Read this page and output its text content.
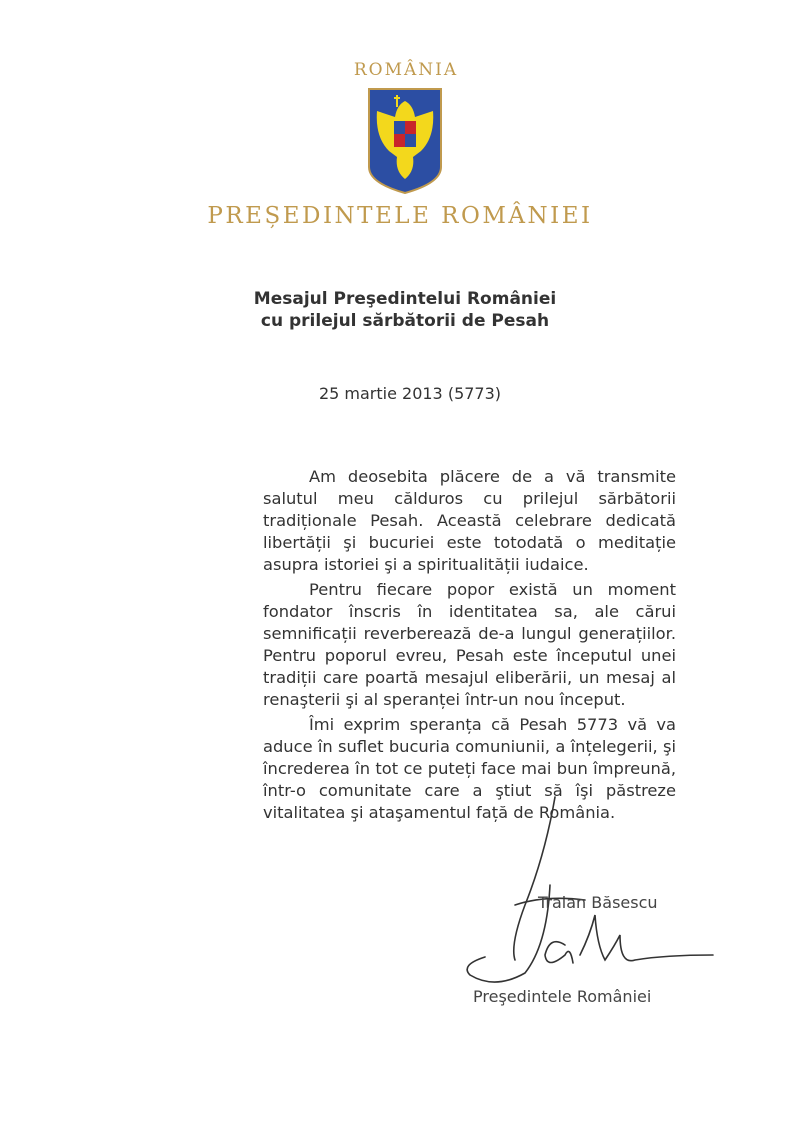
ROMÂNIA
PREȘEDINTELE ROMÂNIEI
Mesajul Preşedintelui României
cu prilejul sărbătorii de Pesah
25 martie 2013 (5773)

Am deosebita plăcere de a vă transmite salutul meu călduros cu prilejul sărbătorii tradiționale Pesah. Această celebrare dedicată libertății şi bucuriei este totodată o meditație asupra istoriei şi a spiritualității iudaice.

Pentru fiecare popor există un moment fondator înscris în identitatea sa, ale cărui semnificații reverberează de-a lungul generațiilor. Pentru poporul evreu, Pesah este începutul unei tradiții care poartă mesajul eliberării, un mesaj al renaşterii şi al speranței într-un nou început.

Îmi exprim speranța că Pesah 5773 vă va aduce în suflet bucuria comuniunii, a înțelegerii, şi încrederea în tot ce puteți face mai bun împreună, într-o comunitate care a ştiut să îşi păstreze vitalitatea şi ataşamentul față de România.

Traian Băsescu
Preşedintele României
